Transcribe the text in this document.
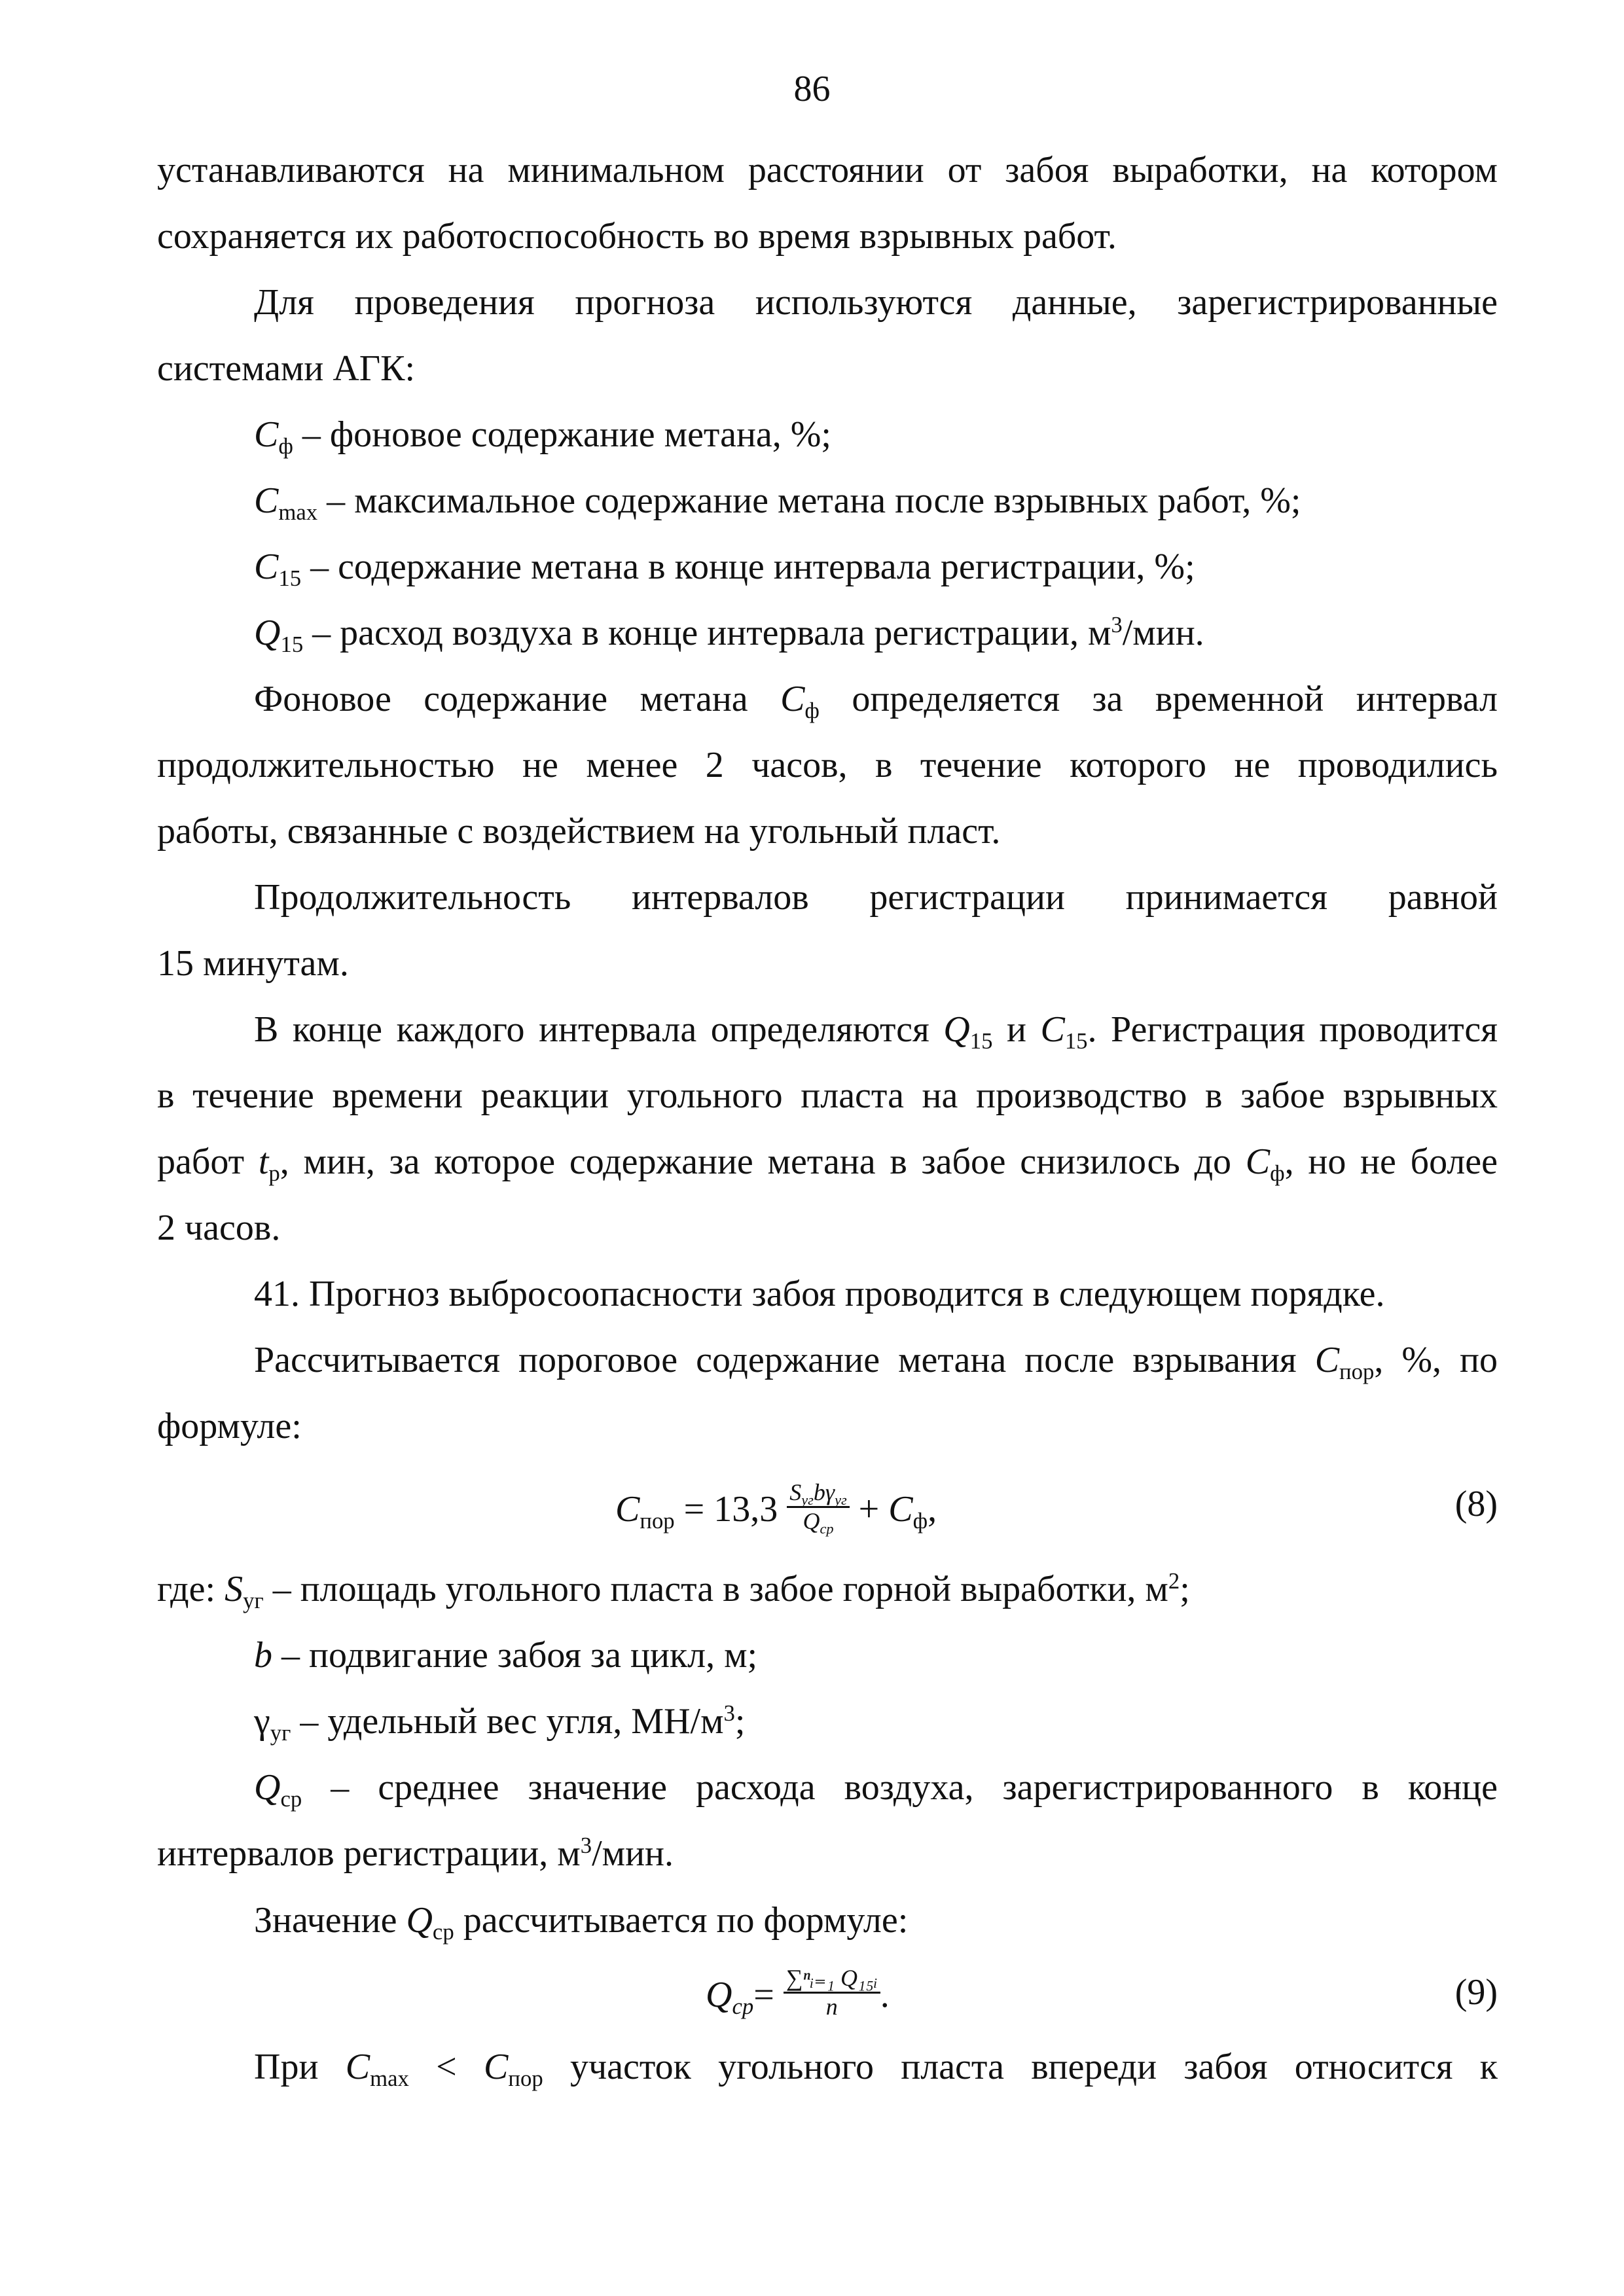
86
устанавливаются на минимальном расстоянии от забоя выработки, на котором
сохраняется их работоспособность во время взрывных работ.
Для проведения прогноза используются данные, зарегистрированные
системами АГК:
$C_ф$ – фоновое содержание метана, %;
$C_{max}$ – максимальное содержание метана после взрывных работ, %;
$C_{15}$ – содержание метана в конце интервала регистрации, %;
$Q_{15}$ – расход воздуха в конце интервала регистрации, $м^3$/мин.
Фоновое содержание метана $C_ф$ определяется за временной интервал
продолжительностью не менее 2 часов, в течение которого не проводились
работы, связанные с воздействием на угольный пласт.
Продолжительность интервалов регистрации принимается равной
15 минутам.
В конце каждого интервала определяются $Q_{15}$ и $C_{15}$. Регистрация проводится
в течение времени реакции угольного пласта на производство в забое взрывных
работ $t_р$, мин, за которое содержание метана в забое снизилось до $C_ф$, но не более
2 часов.
41. Прогноз выбросоопасности забоя проводится в следующем порядке.
Рассчитывается пороговое содержание метана после взрывания $C_{пор}$, %, по
формуле:
$C_{пор} = 13,3 \frac{S_{уг}b\gamma_{уг}}{Q_{ср}} + C_ф$,	(8)
где: $S_{уг}$ – площадь угольного пласта в забое горной выработки, $м^2$;
b – подвигание забоя за цикл, м;
$\gamma_{уг}$ – удельный вес угля, $МН/м^3$;
$Q_{ср}$ – среднее значение расхода воздуха, зарегистрированного в конце
интервалов регистрации, $м^3$/мин.
Значение $Q_{ср}$ рассчитывается по формуле:
$Q_{cp}= \frac{\text{∑ⁿᵢ₌₁ Q₁₅ᵢ}}{n}$ .	(9)
При $C_{max} < C_{пор}$ участок угольного пласта впереди забоя относится к
